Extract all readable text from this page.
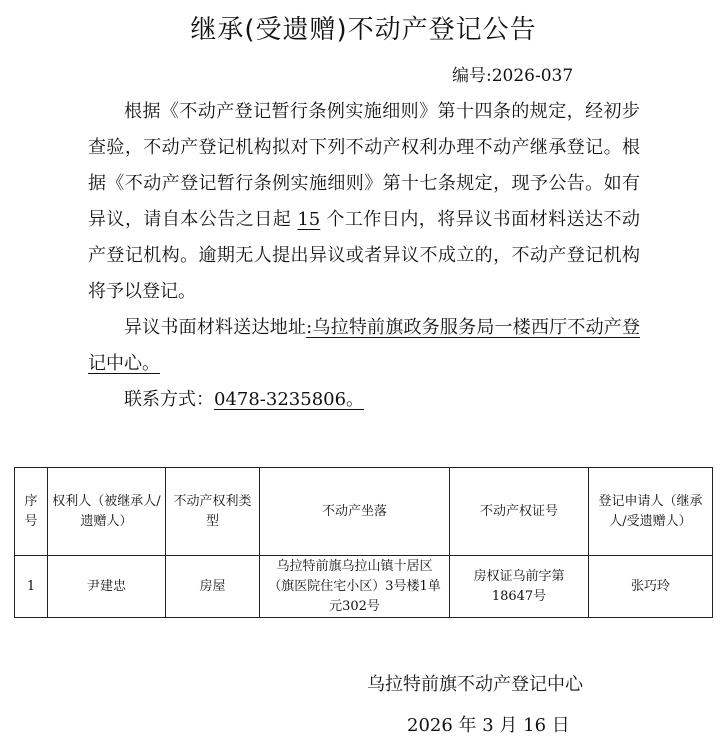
继承(受遗赠)不动产登记公告
编号:2026-037

根据《不动产登记暂行条例实施细则》第十四条的规定，经初步查验，不动产登记机构拟对下列不动产权利办理不动产继承登记。根据《不动产登记暂行条例实施细则》第十七条规定，现予公告。如有异议，请自本公告之日起 15 个工作日内，将异议书面材料送达不动产登记机构。逾期无人提出异议或者异议不成立的，不动产登记机构将予以登记。

异议书面材料送达地址:乌拉特前旗政务服务局一楼西厅不动产登记中心。

联系方式：0478-3235806。

序号	权利人（被继承人/遗赠人）	不动产权利类型	不动产坐落	不动产权证号	登记申请人（继承人/受遗赠人）
1	尹建忠	房屋	乌拉特前旗乌拉山镇十居区（旗医院住宅小区）3号楼1单元302号	房权证乌前字第18647号	张巧玲
乌拉特前旗不动产登记中心
2026 年 3 月 16 日
